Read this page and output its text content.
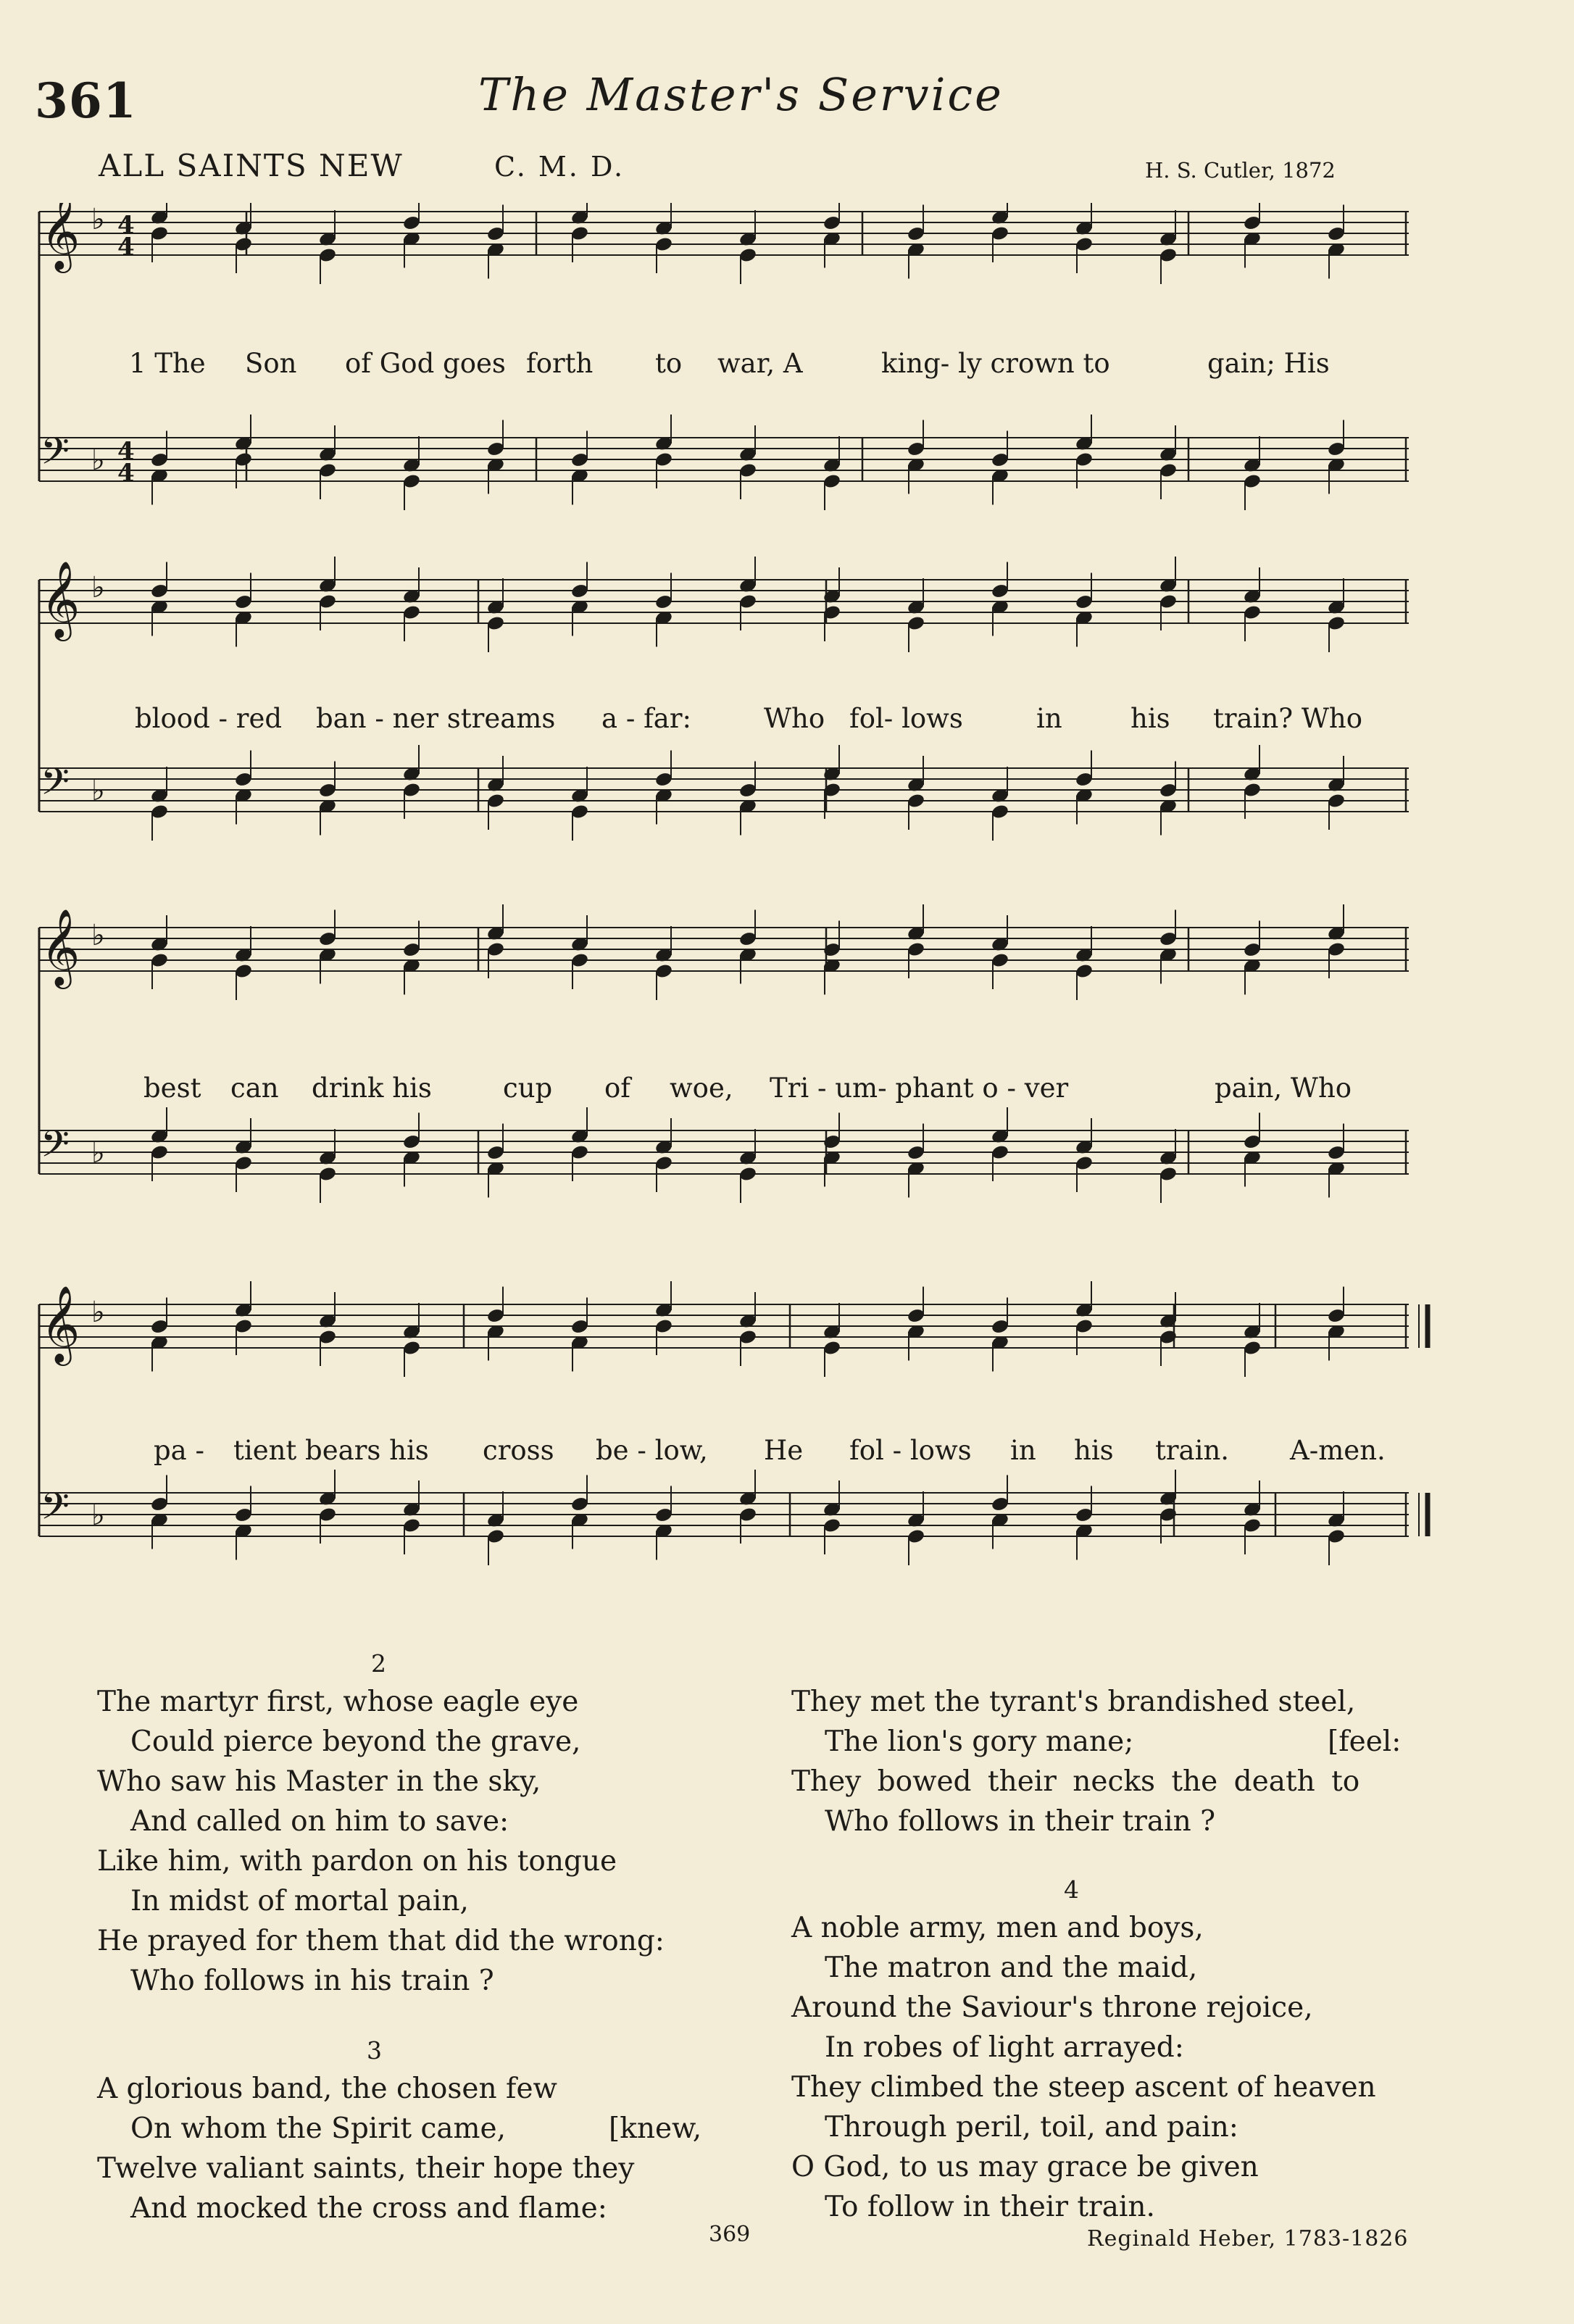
361	The Master's Service
ALL SAINTS NEW	C. M. D.	H. S. Cutler, 1872
𝄞 ♭ 4
4
𝄢 ♭ 4
4
𝄞 ♭
𝄢 ♭
𝄞 ♭
𝄢 ♭
𝄞 ♭
𝄢 ♭
1 The Son of God goes forth to war, A	king- ly crown to	gain; His
blood - red ban - ner streams a - far:	Who fol- lows	in	his train? Who
best can drink his	cup of woe, Tri - um- phant o - ver	pain, Who
pa - tient bears his cross be - low, He fol - lows in his train. A-men.
2
The martyr first, whose eagle eye
Could pierce beyond the grave,
Who saw his Master in the sky,
And called on him to save:
Like him, with pardon on his tongue
In midst of mortal pain,
He prayed for them that did the wrong:
Who follows in his train ?
3
A glorious band, the chosen few
On whom the Spirit came,	[knew,
Twelve valiant saints, their hope they
And mocked the cross and flame:
They met the tyrant's brandished steel,
The lion's gory mane;	[feel:
They bowed their necks the death to
Who follows in their train ?
4
A noble army, men and boys,
The matron and the maid,
Around the Saviour's throne rejoice,
In robes of light arrayed:
They climbed the steep ascent of heaven
Through peril, toil, and pain:
O God, to us may grace be given
To follow in their train.
369	Reginald Heber, 1783-1826
